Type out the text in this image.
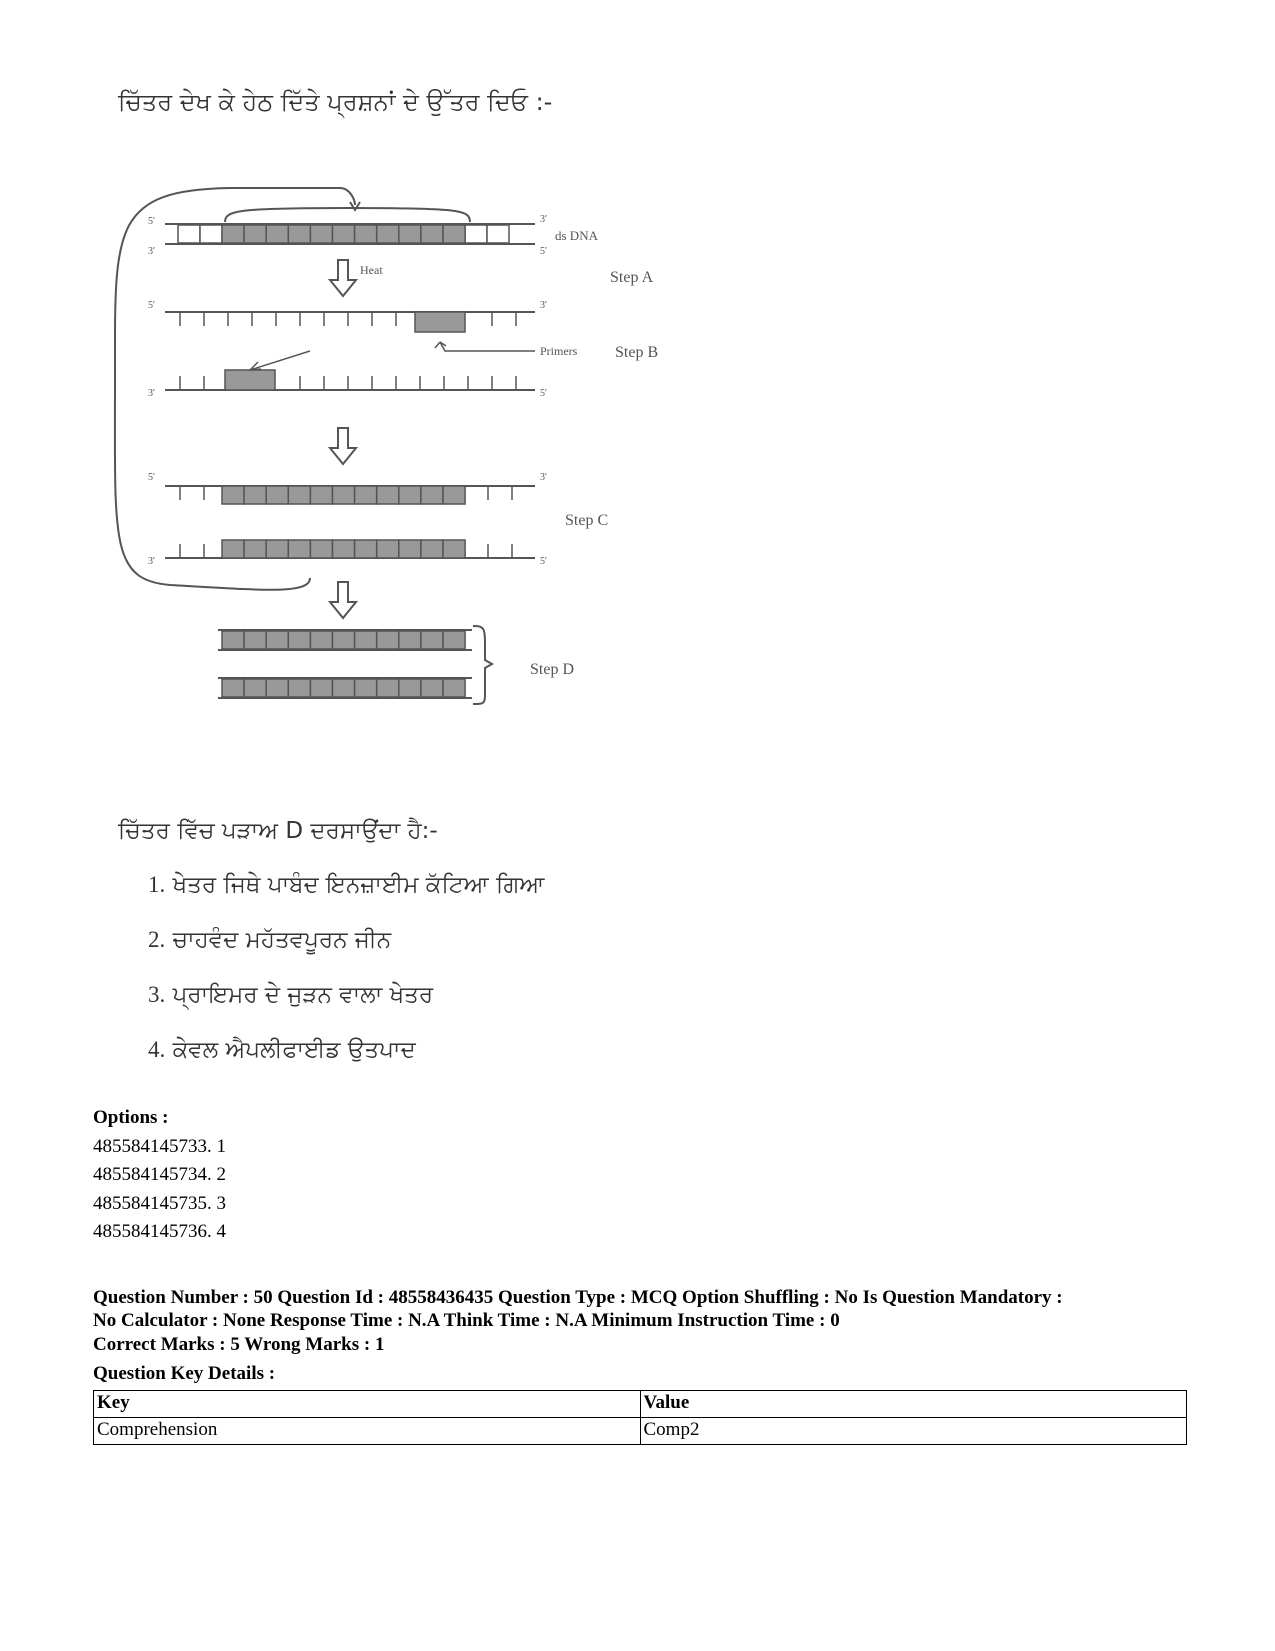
ਚਿੱਤਰ ਦੇਖ ਕੇ ਹੇਠ ਦਿੱਤੇ ਪ੍ਰਸ਼ਨਾਂ ਦੇ ਉੱਤਰ ਦਿਓ :-
5'
3'
3'
5'
ds DNA
Heat	Step A
5'	3'
3'	5'
Primers Step B
5'	3'
3'	5'
Step C
Step D
ਚਿੱਤਰ ਵਿੱਚ ਪੜਾਅ D ਦਰਸਾਉਂਦਾ ਹੈ:-
1. ਖੇਤਰ ਜਿਥੇ ਪਾਬੰਦ ਇਨਜ਼ਾਈਮ ਕੱਟਿਆ ਗਿਆ
2. ਚਾਹਵੰਦ ਮਹੱਤਵਪੂਰਨ ਜੀਨ
3. ਪ੍ਰਾਇਮਰ ਦੇ ਜੁੜਨ ਵਾਲਾ ਖੇਤਰ
4. ਕੇਵਲ ਐਪਲੀਫਾਈਡ ਉਤਪਾਦ
Options :
485584145733. 1
485584145734. 2
485584145735. 3
485584145736. 4
Question Number : 50 Question Id : 48558436435 Question Type : MCQ Option Shuffling : No Is Question Mandatory :
No Calculator : None Response Time : N.A Think Time : N.A Minimum Instruction Time : 0
Correct Marks : 5 Wrong Marks : 1
Question Key Details :
Key	Value
Comprehension	Comp2
